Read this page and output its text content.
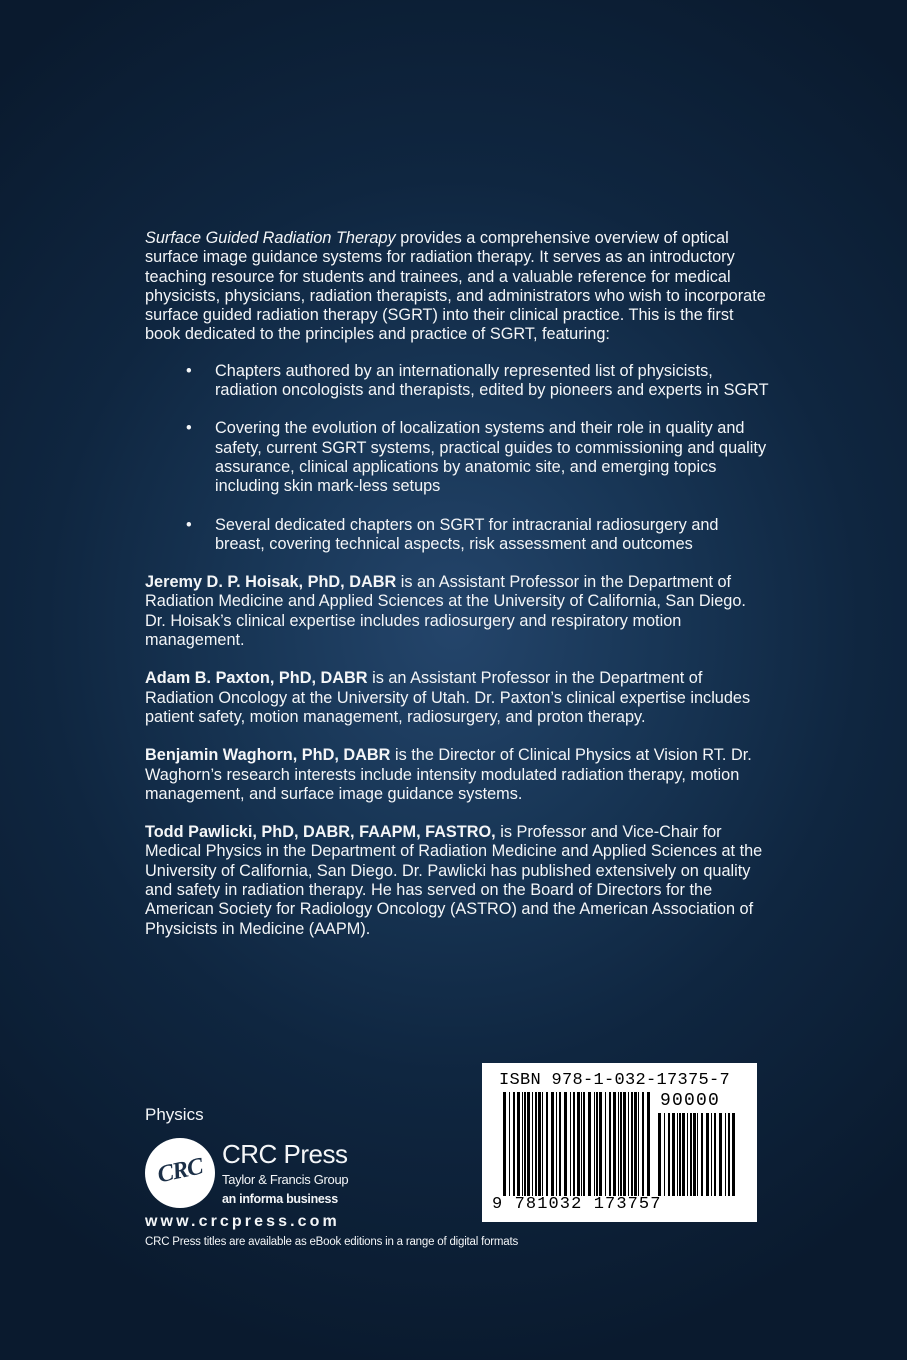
Surface Guided Radiation Therapy provides a comprehensive overview of optical surface image guidance systems for radiation therapy. It serves as an introductory teaching resource for students and trainees, and a valuable reference for medical physicists, physicians, radiation therapists, and administrators who wish to incorporate surface guided radiation therapy (SGRT) into their clinical practice. This is the first book dedicated to the principles and practice of SGRT, featuring:

• Chapters authored by an internationally represented list of physicists, radiation oncologists and therapists, edited by pioneers and experts in SGRT
• Covering the evolution of localization systems and their role in quality and safety, current SGRT systems, practical guides to commissioning and quality assurance, clinical applications by anatomic site, and emerging topics including skin mark-less setups
• Several dedicated chapters on SGRT for intracranial radiosurgery and breast, covering technical aspects, risk assessment and outcomes

Jeremy D. P. Hoisak, PhD, DABR is an Assistant Professor in the Department of Radiation Medicine and Applied Sciences at the University of California, San Diego. Dr. Hoisak’s clinical expertise includes radiosurgery and respiratory motion management.

Adam B. Paxton, PhD, DABR is an Assistant Professor in the Department of Radiation Oncology at the University of Utah. Dr. Paxton’s clinical expertise includes patient safety, motion management, radiosurgery, and proton therapy.

Benjamin Waghorn, PhD, DABR is the Director of Clinical Physics at Vision RT. Dr. Waghorn’s research interests include intensity modulated radiation therapy, motion management, and surface image guidance systems.

Todd Pawlicki, PhD, DABR, FAAPM, FASTRO, is Professor and Vice-Chair for Medical Physics in the Department of Radiation Medicine and Applied Sciences at the University of California, San Diego. Dr. Pawlicki has published extensively on quality and safety in radiation therapy. He has served on the Board of Directors for the American Society for Radiology Oncology (ASTRO) and the American Association of Physicists in Medicine (AAPM).

Physics
CRC CRC Press
Taylor & Francis Group
an informa business
www.crcpress.com
CRC Press titles are available as eBook editions in a range of digital formats
ISBN 978-1-032-17375-7
90000
9 781032 173757
